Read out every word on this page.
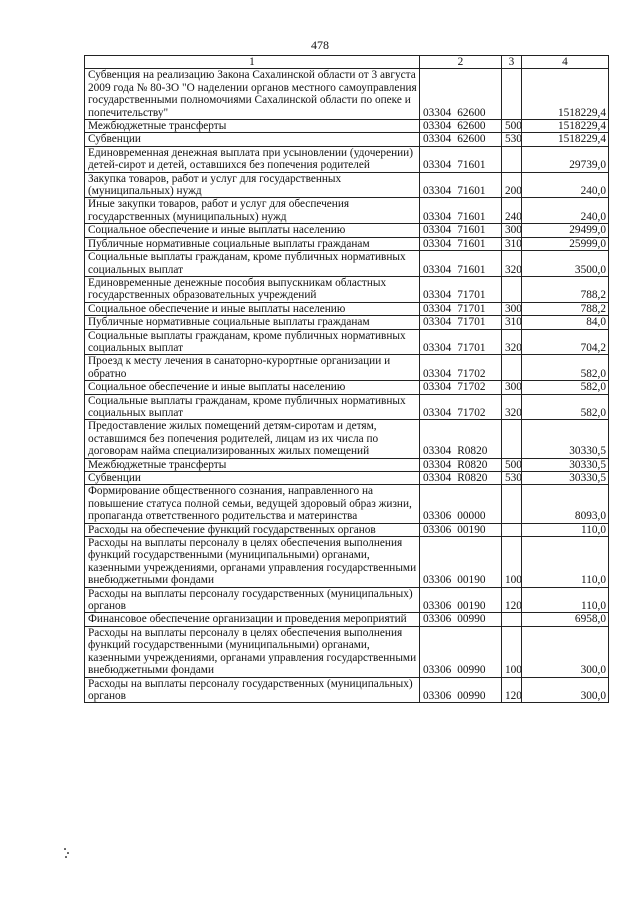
478
1	2	3	4
Субвенция на реализацию Закона Сахалинской области от 3 августа 2009 года № 80-ЗО "О наделении органов местного самоуправления государственными полномочиями Сахалинской области по опеке и попечительству"	03304 62600		1518229,4
Межбюджетные трансферты	03304 62600	500	1518229,4
Субвенции	03304 62600	530	1518229,4
Единовременная денежная выплата при усыновлении (удочерении) детей-сирот и детей, оставшихся без попечения родителей	03304 71601		29739,0
Закупка товаров, работ и услуг для государственных (муниципальных) нужд	03304 71601	200	240,0
Иные закупки товаров, работ и услуг для обеспечения государственных (муниципальных) нужд	03304 71601	240	240,0
Социальное обеспечение и иные выплаты населению	03304 71601	300	29499,0
Публичные нормативные социальные выплаты гражданам	03304 71601	310	25999,0
Социальные выплаты гражданам, кроме публичных нормативных социальных выплат	03304 71601	320	3500,0
Единовременные денежные пособия выпускникам областных государственных образовательных учреждений	03304 71701		788,2
Социальное обеспечение и иные выплаты населению	03304 71701	300	788,2
Публичные нормативные социальные выплаты гражданам	03304 71701	310	84,0
Социальные выплаты гражданам, кроме публичных нормативных социальных выплат	03304 71701	320	704,2
Проезд к месту лечения в санаторно-курортные организации и обратно	03304 71702		582,0
Социальное обеспечение и иные выплаты населению	03304 71702	300	582,0
Социальные выплаты гражданам, кроме публичных нормативных социальных выплат	03304 71702	320	582,0
Предоставление жилых помещений детям-сиротам и детям, оставшимся без попечения родителей, лицам из их числа по договорам найма специализированных жилых помещений	03304 R0820		30330,5
Межбюджетные трансферты	03304 R0820	500	30330,5
Субвенции	03304 R0820	530	30330,5
Формирование общественного сознания, направленного на повышение статуса полной семьи, ведущей здоровый образ жизни, пропаганда ответственного родительства и материнства	03306 00000		8093,0
Расходы на обеспечение функций государственных органов	03306 00190		110,0
Расходы на выплаты персоналу в целях обеспечения выполнения функций государственными (муниципальными) органами, казенными учреждениями, органами управления государственными внебюджетными фондами	03306 00190	100	110,0
Расходы на выплаты персоналу государственных (муниципальных) органов	03306 00190	120	110,0
Финансовое обеспечение организации и проведения мероприятий	03306 00990		6958,0
Расходы на выплаты персоналу в целях обеспечения выполнения функций государственными (муниципальными) органами, казенными учреждениями, органами управления государственными внебюджетными фондами	03306 00990	100	300,0
Расходы на выплаты персоналу государственных (муниципальных) органов	03306 00990	120	300,0
